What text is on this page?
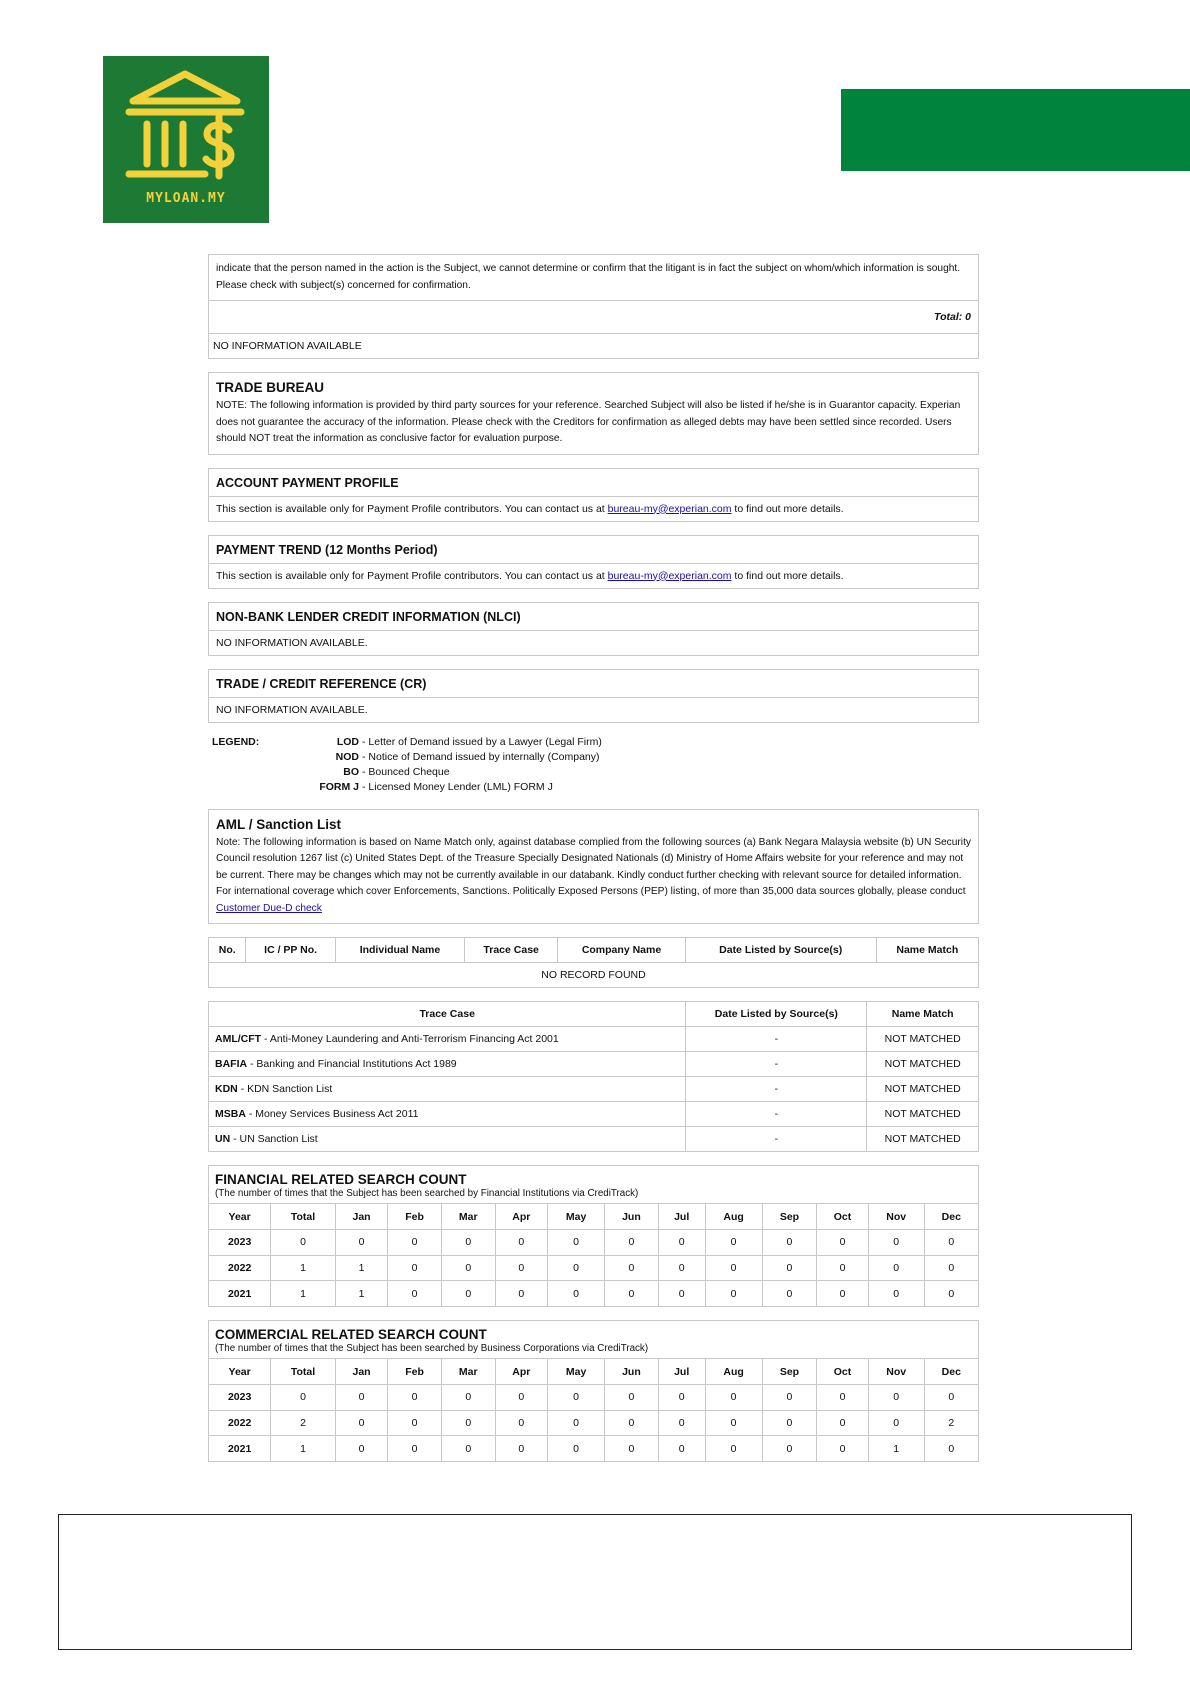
MYLOAN.MY
indicate that the person named in the action is the Subject, we cannot determine or confirm that the litigant is in fact the subject on whom/which information is sought. Please check with subject(s) concerned for confirmation.
Total: 0
NO INFORMATION AVAILABLE
TRADE BUREAU
NOTE: The following information is provided by third party sources for your reference. Searched Subject will also be listed if he/she is in Guarantor capacity. Experian does not guarantee the accuracy of the information. Please check with the Creditors for confirmation as alleged debts may have been settled since recorded. Users should NOT treat the information as conclusive factor for evaluation purpose.
ACCOUNT PAYMENT PROFILE
This section is available only for Payment Profile contributors. You can contact us at bureau-my@experian.com to find out more details.
PAYMENT TREND (12 Months Period)
This section is available only for Payment Profile contributors. You can contact us at bureau-my@experian.com to find out more details.
NON-BANK LENDER CREDIT INFORMATION (NLCI)
NO INFORMATION AVAILABLE.
TRADE / CREDIT REFERENCE (CR)
NO INFORMATION AVAILABLE.
LEGEND:	LOD - Letter of Demand issued by a Lawyer (Legal Firm)
NOD - Notice of Demand issued by internally (Company)
BO - Bounced Cheque
FORM J - Licensed Money Lender (LML) FORM J
AML / Sanction List
Note: The following information is based on Name Match only, against database complied from the following sources (a) Bank Negara Malaysia website (b) UN Security Council resolution 1267 list (c) United States Dept. of the Treasure Specially Designated Nationals (d) Ministry of Home Affairs website for your reference and may not be current. There may be changes which may not be currently available in our databank. Kindly conduct further checking with relevant source for detailed information. For international coverage which cover Enforcements, Sanctions. Politically Exposed Persons (PEP) listing, of more than 35,000 data sources globally, please conduct Customer Due-D check
No.	IC / PP No.	Individual Name	Trace Case	Company Name	Date Listed by Source(s)	Name Match
NO RECORD FOUND
Trace Case	Date Listed by Source(s)	Name Match
AML/CFT - Anti-Money Laundering and Anti-Terrorism Financing Act 2001	-	NOT MATCHED
BAFIA - Banking and Financial Institutions Act 1989	-	NOT MATCHED
KDN - KDN Sanction List	-	NOT MATCHED
MSBA - Money Services Business Act 2011	-	NOT MATCHED
UN - UN Sanction List	-	NOT MATCHED
FINANCIAL RELATED SEARCH COUNT
(The number of times that the Subject has been searched by Financial Institutions via CrediTrack)
Year	Total	Jan	Feb	Mar	Apr	May	Jun	Jul	Aug	Sep	Oct	Nov	Dec
2023	0	0	0	0	0	0	0	0	0	0	0	0	0
2022	1	1	0	0	0	0	0	0	0	0	0	0	0
2021	1	1	0	0	0	0	0	0	0	0	0	0	0
COMMERCIAL RELATED SEARCH COUNT
(The number of times that the Subject has been searched by Business Corporations via CrediTrack)
Year	Total	Jan	Feb	Mar	Apr	May	Jun	Jul	Aug	Sep	Oct	Nov	Dec
2023	0	0	0	0	0	0	0	0	0	0	0	0	0
2022	2	0	0	0	0	0	0	0	0	0	0	0	2
2021	1	0	0	0	0	0	0	0	0	0	0	1	0
